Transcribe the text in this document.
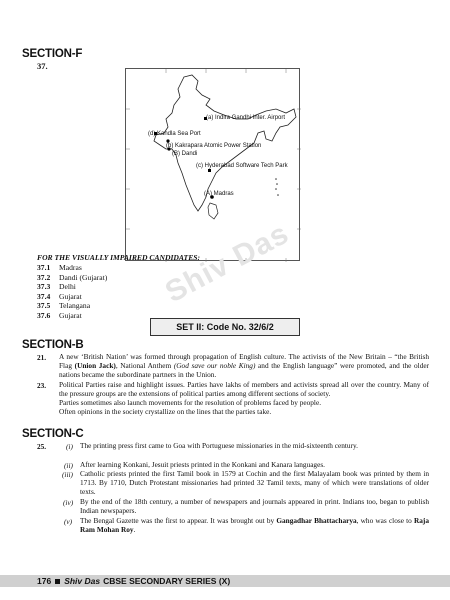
SECTION-F
37.
(a) Indira Gandhi Inter. Airport
(d) Kandla Sea Port
(b) Kakrapara Atomic Power Station
(B) Dandi
(c) Hyderabad Software Tech Park
(A) Madras
FOR THE VISUALLY IMPAIRED CANDIDATES:
37.1	Madras
37.2	Dandi (Gujarat)
37.3	Delhi
37.4	Gujarat
37.5	Telangana
37.6	Gujarat
Shiv Das
SET II: Code No. 32/6/2
SECTION-B
21. A new ‘British Nation’ was formed through propagation of English culture. The activists of the New Britain – “the British Flag (Union Jack), National Anthem (God save our noble King) and the English language” were promoted, and the older nations became the subordinate partners in the Union.
23. Political Parties raise and highlight issues. Parties have lakhs of members and activists spread all over the country. Many of the pressure groups are the extensions of political parties among different sections of society.
Parties sometimes also launch movements for the resolution of problems faced by people.
Often opinions in the society crystallize on the lines that the parties take.
SECTION-C
25.	(i) The printing press first came to Goa with Portuguese missionaries in the mid-sixteenth century.
(ii) After learning Konkani, Jesuit priests printed in the Konkani and Kanara languages.
(iii) Catholic priests printed the first Tamil book in 1579 at Cochin and the first Malayalam book was printed by them in 1713. By 1710, Dutch Protestant missionaries had printed 32 Tamil texts, many of which were translations of older texts.
(iv) By the end of the 18th century, a number of newspapers and journals appeared in print. Indians too, began to publish Indian newspapers.
(v) The Bengal Gazette was the first to appear. It was brought out by Gangadhar Bhattacharya, who was close to Raja Ram Mohan Roy.
176 Shiv Das CBSE SECONDARY SERIES (X)
